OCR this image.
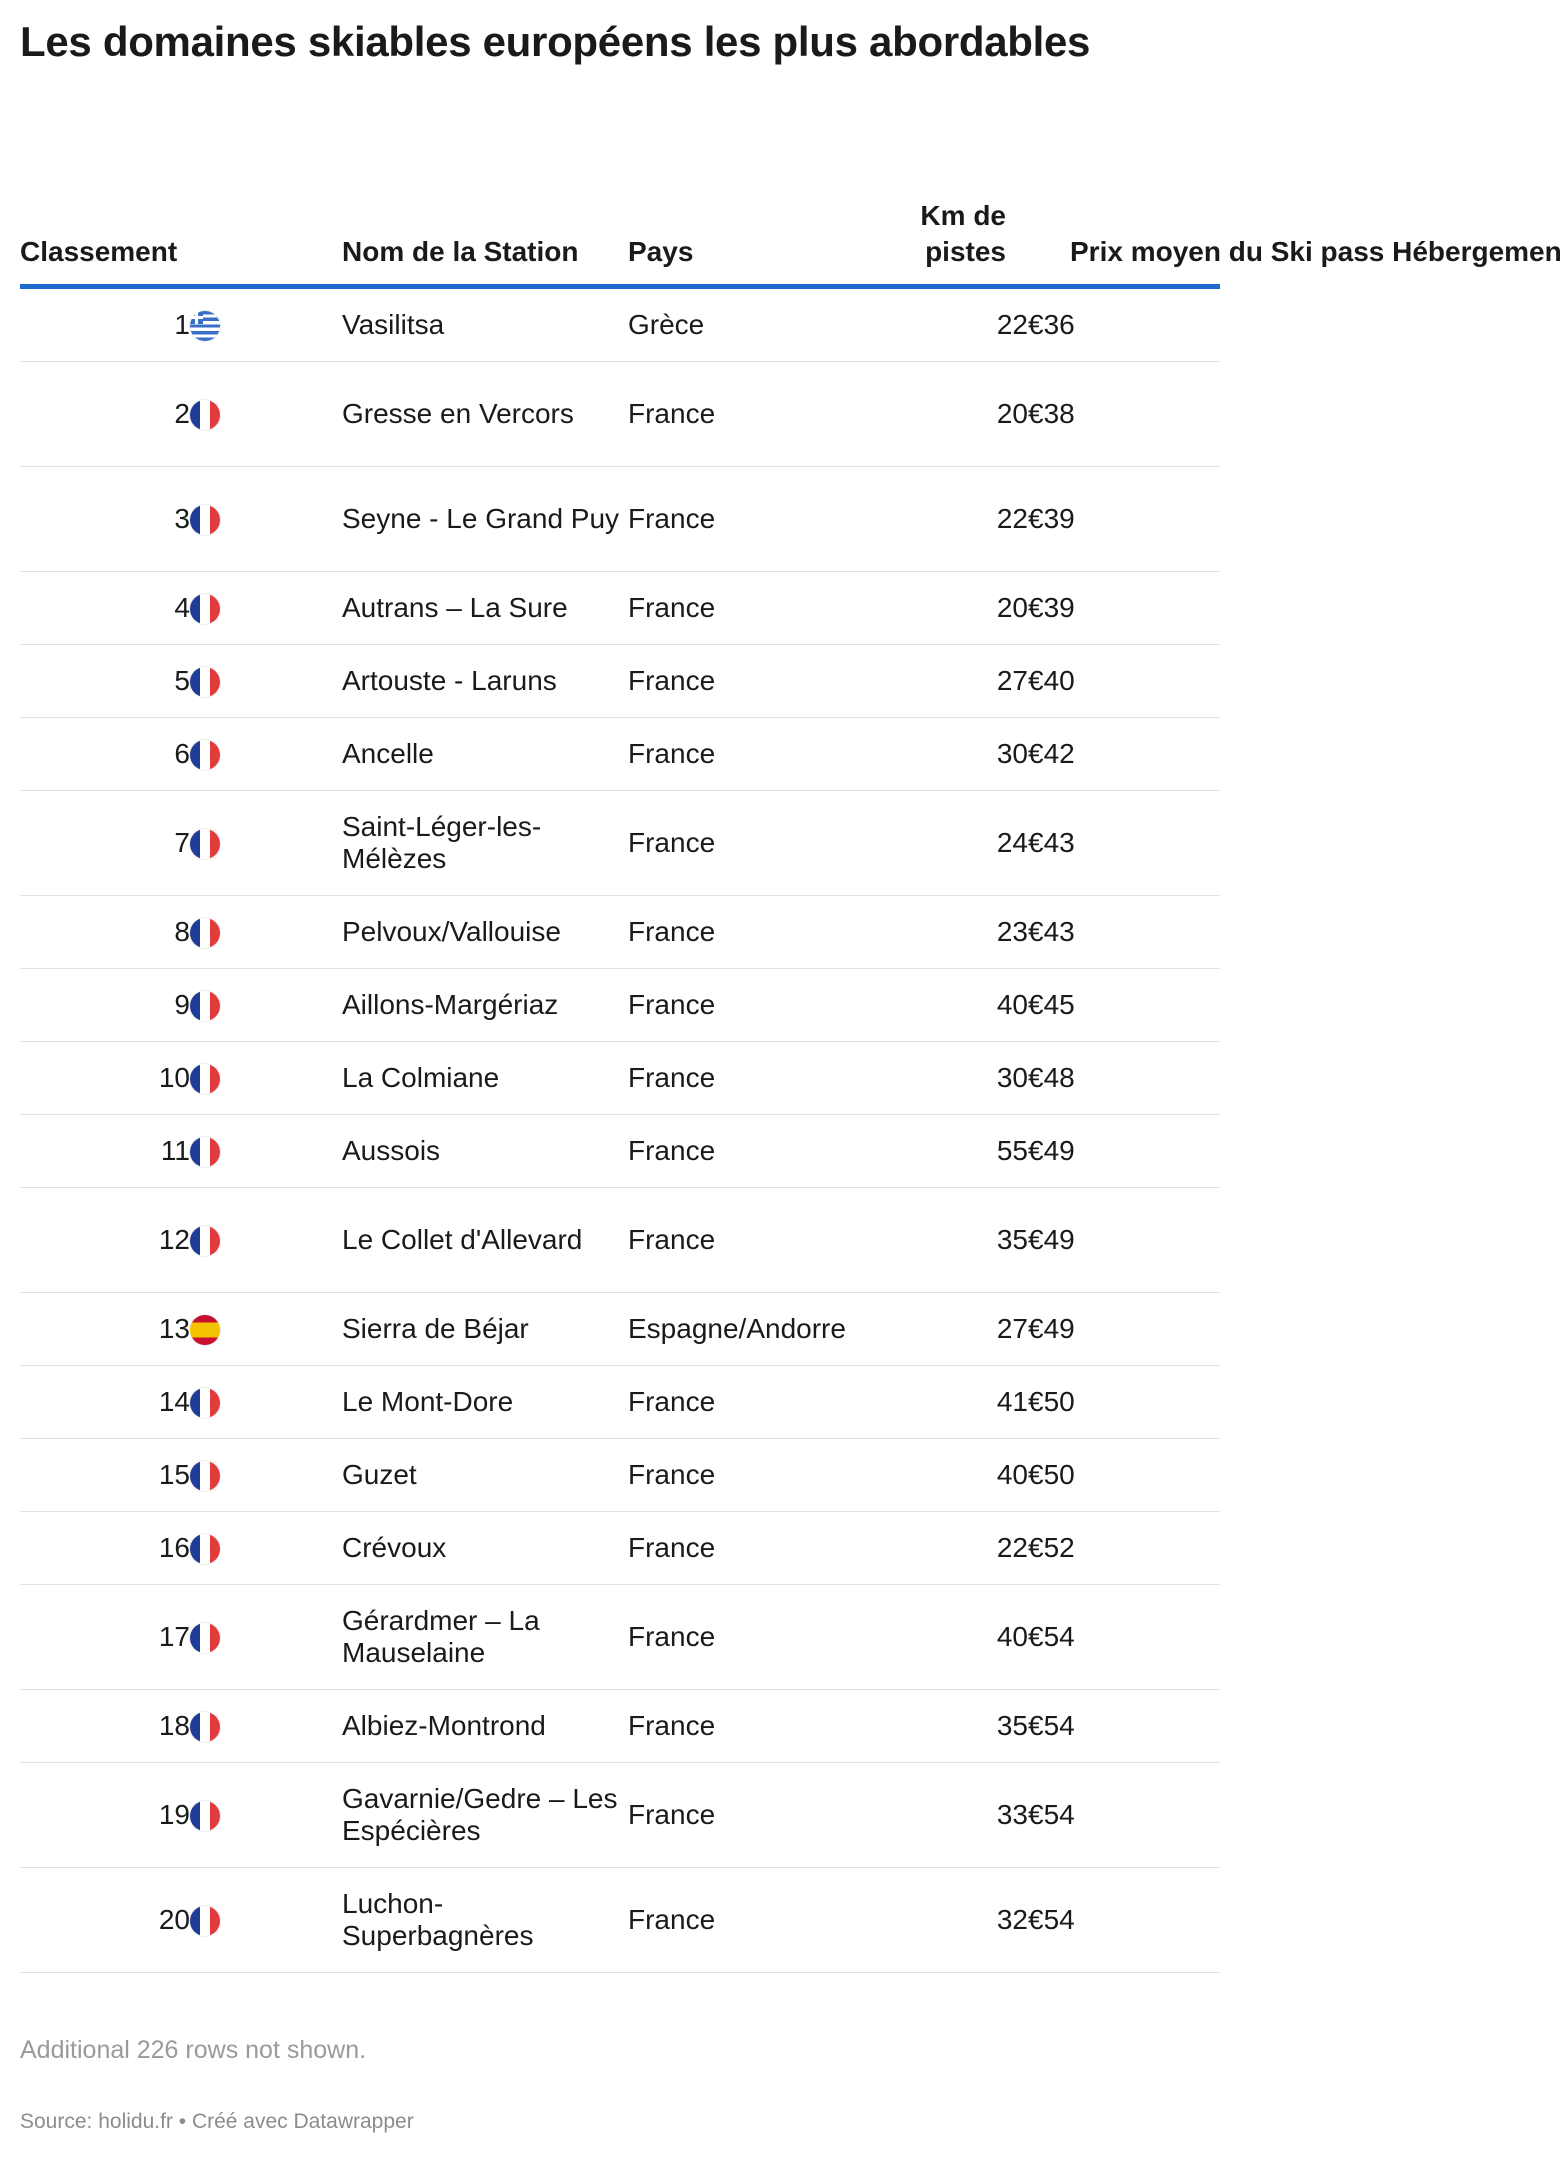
Les domaines skiables européens les plus abordables
Classement		Nom de la Station	Pays	Km de pistes	Prix moyen du Ski pass Hébergemen
1		Vasilitsa	Grèce	22	€36
2		Gresse en Vercors	France	20	€38
3		Seyne - Le Grand Puy	France	22	€39
4		Autrans – La Sure	France	20	€39
5		Artouste - Laruns	France	27	€40
6		Ancelle	France	30	€42
7		Saint-Léger-les-Mélèzes	France	24	€43
8		Pelvoux/Vallouise	France	23	€43
9		Aillons-Margériaz	France	40	€45
10		La Colmiane	France	30	€48
11		Aussois	France	55	€49
12		Le Collet d'Allevard	France	35	€49
13		Sierra de Béjar	Espagne/Andorre	27	€49
14		Le Mont-Dore	France	41	€50
15		Guzet	France	40	€50
16		Crévoux	France	22	€52
17		Gérardmer – La Mauselaine	France	40	€54
18		Albiez-Montrond	France	35	€54
19		Gavarnie/Gedre – Les Espécières	France	33	€54
20		Luchon-Superbagnères	France	32	€54

Additional 226 rows not shown.

Source: holidu.fr • Créé avec Datawrapper
